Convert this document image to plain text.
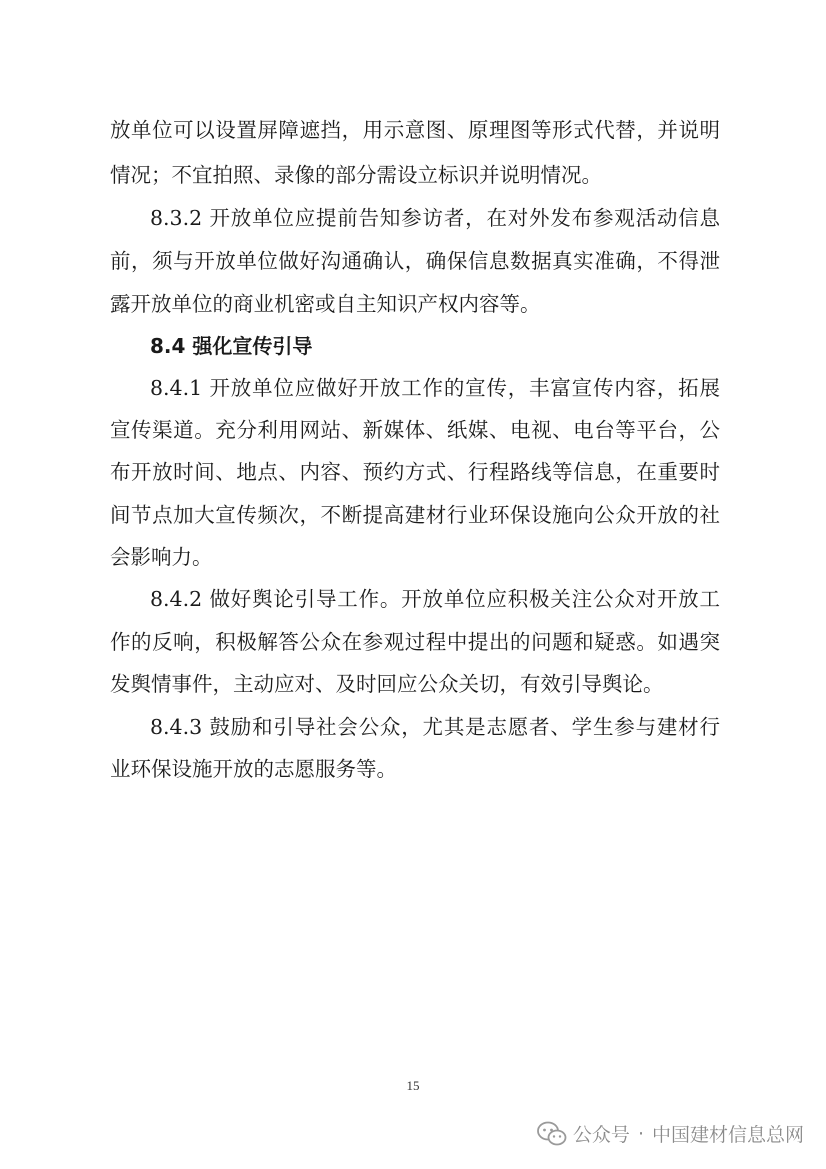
放单位可以设置屏障遮挡，用示意图、原理图等形式代替，并说明
情况；不宜拍照、录像的部分需设立标识并说明情况。
8.3.2 开放单位应提前告知参访者，在对外发布参观活动信息
前，须与开放单位做好沟通确认，确保信息数据真实准确，不得泄
露开放单位的商业机密或自主知识产权内容等。
8.4 强化宣传引导
8.4.1 开放单位应做好开放工作的宣传，丰富宣传内容，拓展
宣传渠道。充分利用网站、新媒体、纸媒、电视、电台等平台，公
布开放时间、地点、内容、预约方式、行程路线等信息，在重要时
间节点加大宣传频次，不断提高建材行业环保设施向公众开放的社
会影响力。
8.4.2 做好舆论引导工作。开放单位应积极关注公众对开放工
作的反响，积极解答公众在参观过程中提出的问题和疑惑。如遇突
发舆情事件，主动应对、及时回应公众关切，有效引导舆论。
8.4.3 鼓励和引导社会公众，尤其是志愿者、学生参与建材行
业环保设施开放的志愿服务等。
15
公众号 · 中国建材信息总网
